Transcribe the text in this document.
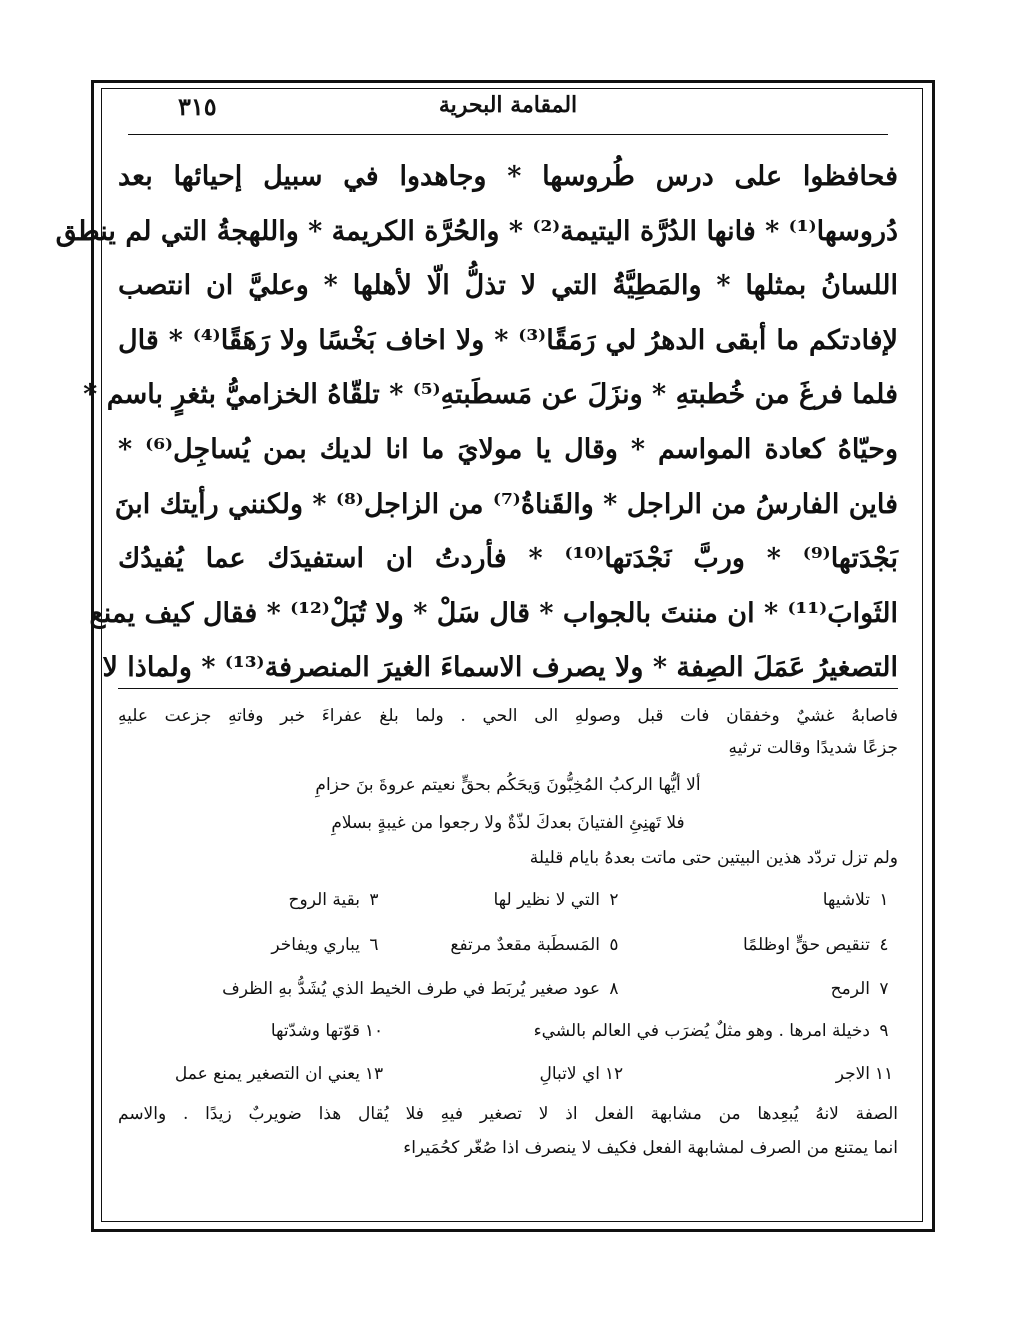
المقامة البحرية
٣١٥
فحافظوا على درس طُروسها * وجاهدوا في سبيل إحيائها بعد
دُروسها⁽¹⁾ * فانها الدُرَّة اليتيمة⁽²⁾ * والحُرَّة الكريمة * واللهجةُ التي لم ينطق
اللسانُ بمثلها * والمَطِيَّةُ التي لا تذلُّ الّا لأهلها * وعليَّ ان انتصب
لإفادتكم ما أبقى الدهرُ لي رَمَقًا⁽³⁾ * ولا اخاف بَخْسًا ولا رَهَقًا⁽⁴⁾ * قال
فلما فرغَ من خُطبتهِ * ونزَلَ عن مَسطَبتهِ⁽⁵⁾ * تلقّاهُ الخزاميُّ بثغرٍ باسم *
وحيّاهُ كعادة المواسم * وقال يا مولايَ ما انا لديك بمن يُساجِل⁽⁶⁾ *
فاين الفارسُ من الراجل * والقَناةُ⁽⁷⁾ من الزاجل⁽⁸⁾ * ولكنني رأيتك ابنَ
بَجْدَتها⁽⁹⁾ * وربَّ نَجْدَتها⁽¹⁰⁾ * فأردتُ ان استفيدَك عما يُفيدُك
الثَوابَ⁽¹¹⁾ * ان مننتَ بالجواب * قال سَلْ * ولا تُبَلْ⁽¹²⁾ * فقال كيف يمنع
التصغيرُ عَمَلَ الصِفة * ولا يصرف الاسماءَ الغيرَ المنصرفة⁽¹³⁾ * ولماذا لا
فاصابهُ غشيٌ وخفقان فات قبل وصولهِ الى الحي . ولما بلغ عفراءَ خبر وفاتهِ جزعت عليهِ
جزعًا شديدًا وقالت ترثيهِ
ألا أيُّها الركبُ المُخِبُّونَ وَيحَكُم بحقٍّ نعيتم عروةَ بنَ حزامِ
فلا تَهنِئِ الفتيانَ بعدكَ لذّةٌ ولا رجعوا من غيبةٍ بسلامِ
ولم تزل تردّد هذين البيتين حتى ماتت بعدهُ بايام قليلة
١
تلاشيها
٢
التي لا نظير لها
٣
بقية الروح
٤
تنقيص حقٍّ اوظلمًا
٥
المَسطَبة مقعدٌ مرتفع
٦
يباري ويفاخر
٧
الرمح
٨
عود صغير يُربَط في طرف الخيط الذي يُشَدُّ بهِ الظرف
٩
دخيلة امرها . وهو مثلٌ يُضرَب في العالم بالشيء
١٠
قوّتها وشدّتها
١١
الاجر
١٢
اي لاتبالِ
١٣
يعني ان التصغير يمنع عمل
الصفة لانهُ يُبعِدها من مشابهة الفعل اذ لا تصغير فيهِ فلا يُقال هذا ضويربٌ زيدًا . والاسم
انما يمتنع من الصرف لمشابهة الفعل فكيف لا ينصرف اذا صُغّر كحُمَيراء
